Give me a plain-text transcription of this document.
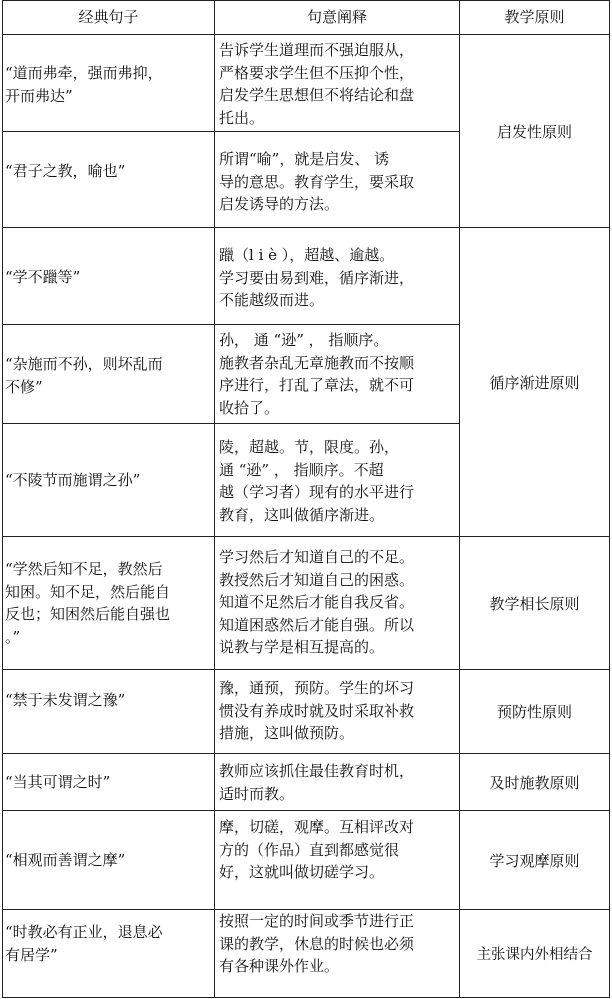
经典句子	句意阐释	教学原则
“道而弗牵，强而弗抑，
开而弗达”
告诉学生道理而不强迫服从，
严格要求学生但不压抑个性，
启发学生思想但不将结论和盘
托出。
“君子之教，喻也”
所谓“喻”，就是启发、 诱
导的意思。教育学生，要采取
启发诱导的方法。
“学不躐等”
躐（l i è ），超越、逾越。
学习要由易到难，循序渐进，
不能越级而进。
“杂施而不孙，则坏乱而
不修”
孙， 通 “逊” ， 指顺序。
施教者杂乱无章施教而不按顺
序进行，打乱了章法，就不可
收拾了。
“不陵节而施谓之孙”
陵，超越。节，限度。孙，
通 “逊” ， 指顺序。不超
越（学习者）现有的水平进行
教育，这叫做循序渐进。
“学然后知不足，教然后
知困。知不足，然后能自
反也；知困然后能自强也
。”
学习然后才知道自己的不足。
教授然后才知道自己的困惑。
知道不足然后才能自我反省。
知道困惑然后才能自强。所以
说教与学是相互提高的。
“禁于未发谓之豫”
豫，通预，预防。学生的坏习
惯没有养成时就及时采取补救
措施，这叫做预防。
“当其可谓之时”
教师应该抓住最佳教育时机，
适时而教。
“相观而善谓之摩”
摩，切磋，观摩。互相评改对
方的（作品）直到都感觉很
好，这就叫做切磋学习。
“时教必有正业，退息必
有居学”
按照一定的时间或季节进行正
课的教学，休息的时候也必须
有各种课外作业。
启发性原则
循序渐进原则
教学相长原则
预防性原则
及时施教原则
学习观摩原则
主张课内外相结合
